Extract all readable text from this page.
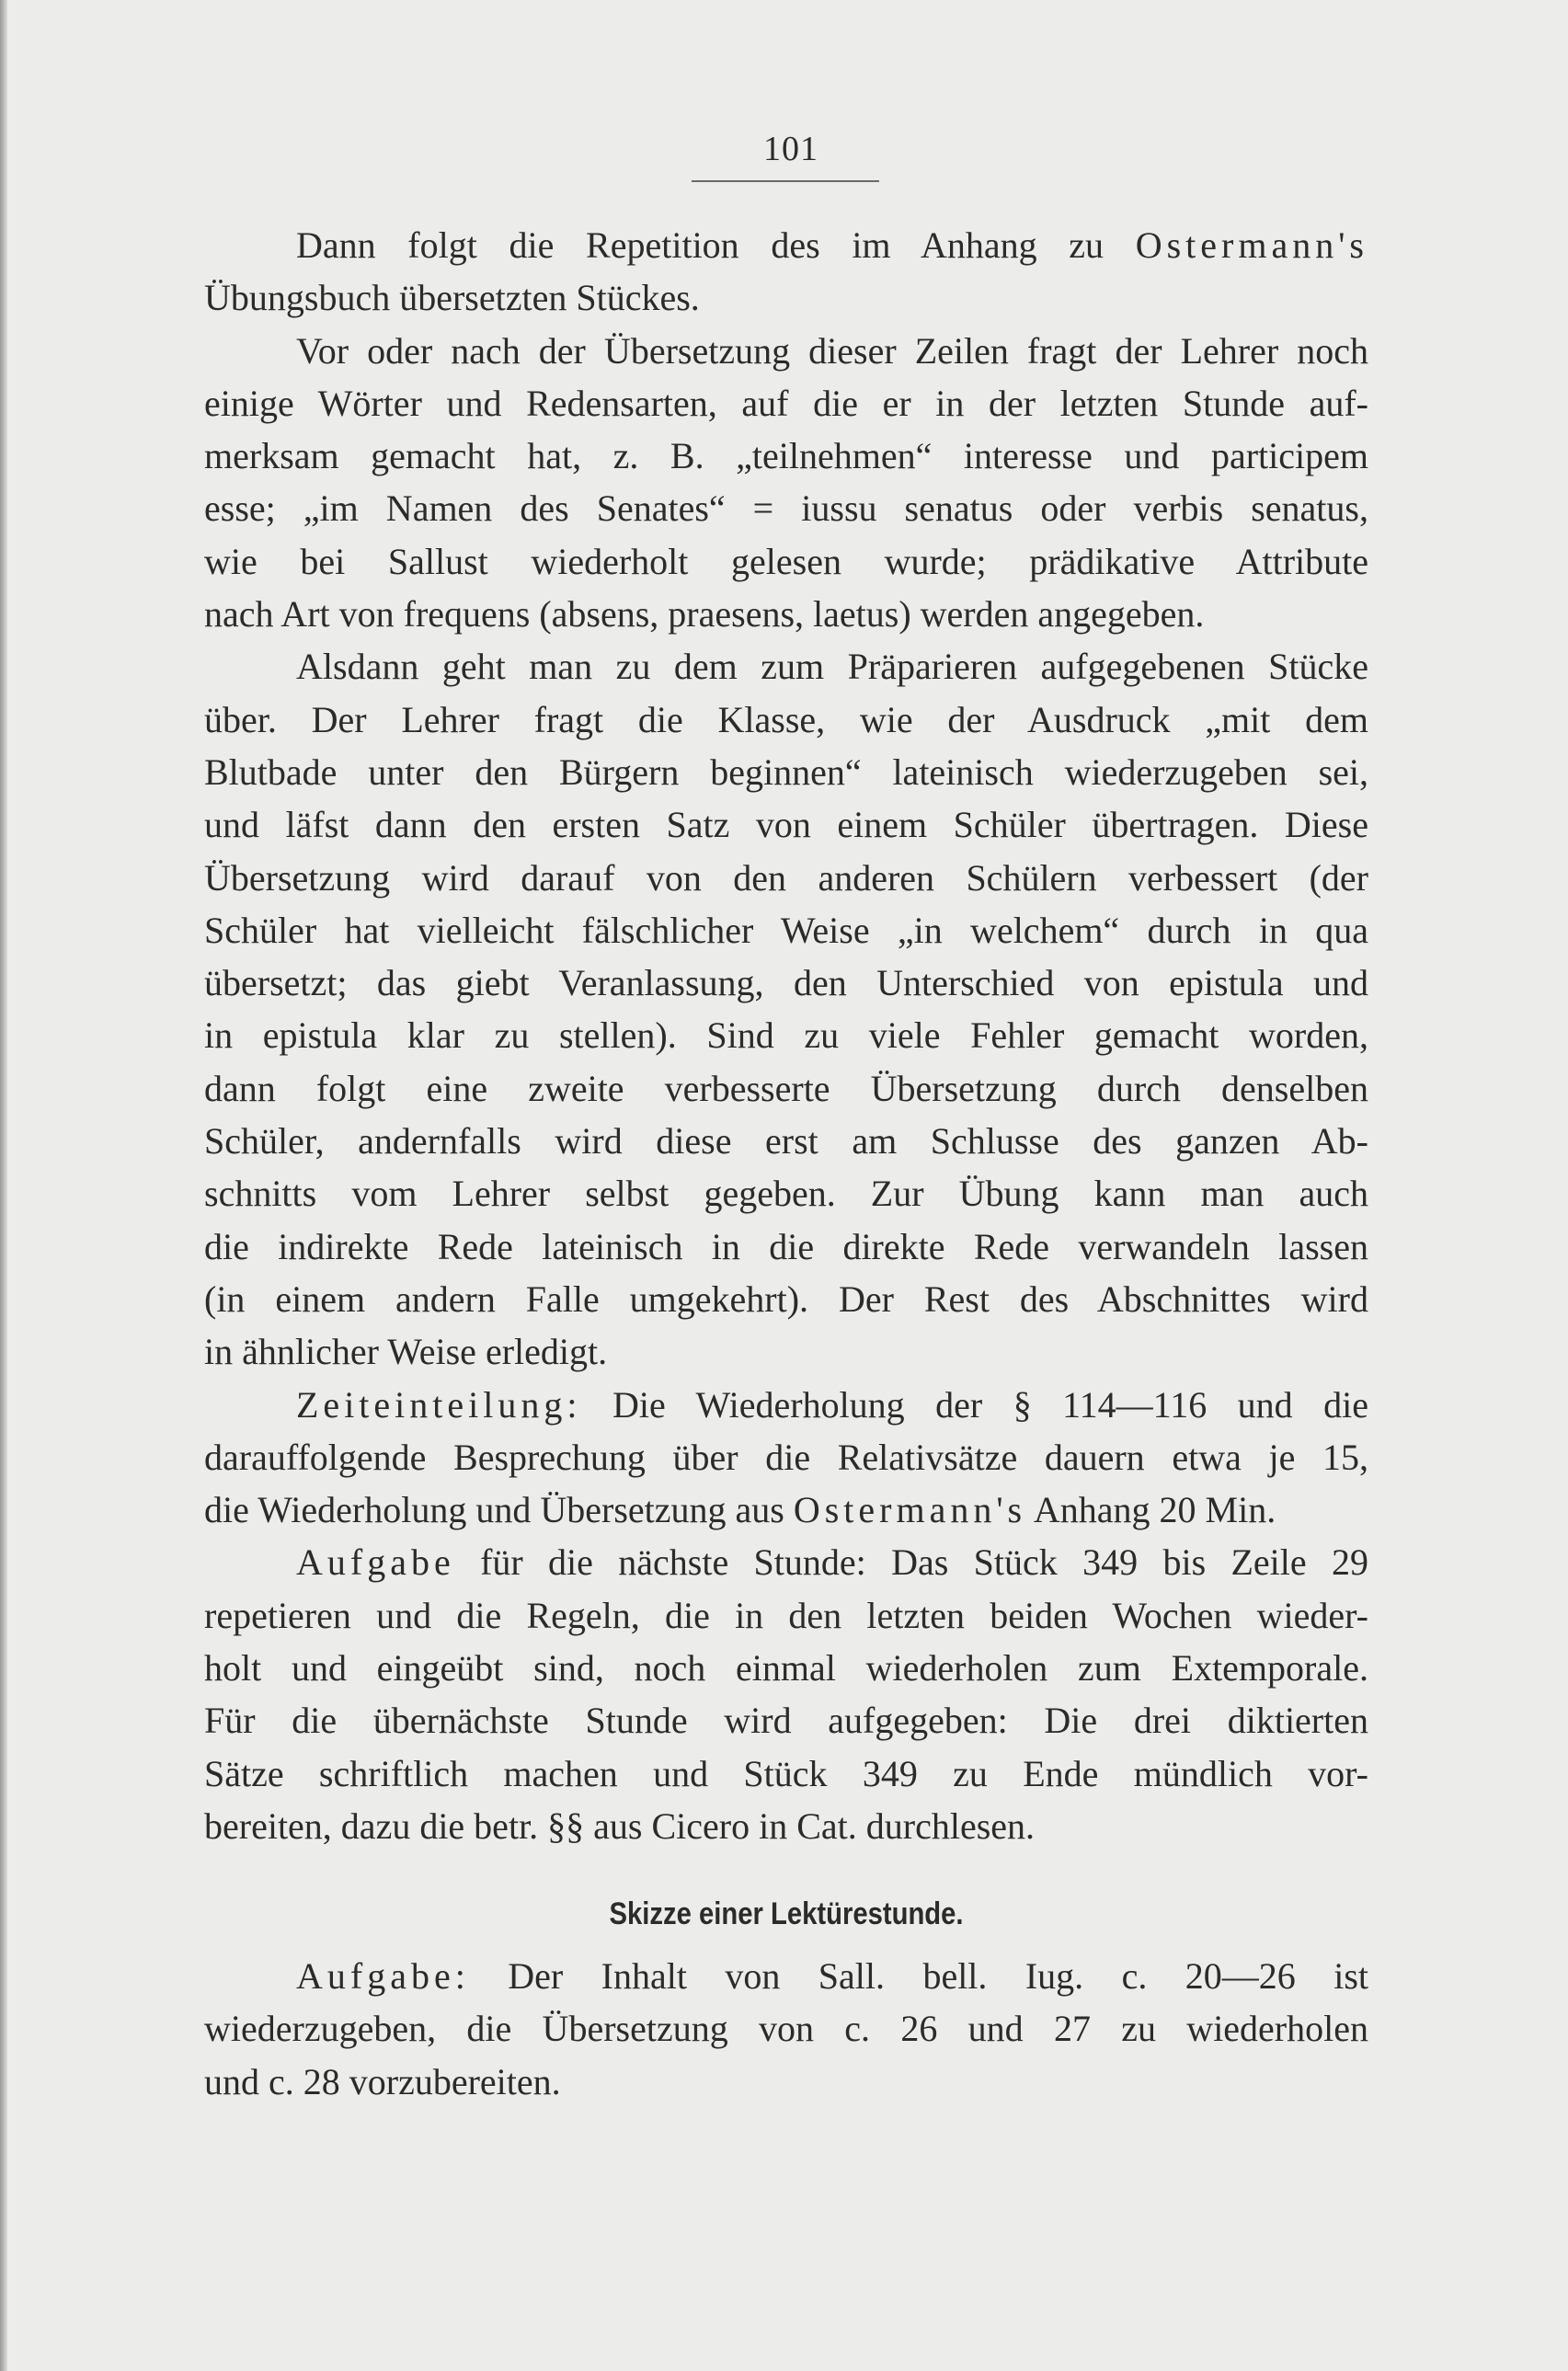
101
Dann folgt die Repetition des im Anhang zu Ostermann's
Übungsbuch übersetzten Stückes.
Vor oder nach der Übersetzung dieser Zeilen fragt der Lehrer noch
einige Wörter und Redensarten, auf die er in der letzten Stunde auf-
merksam gemacht hat, z. B. „teilnehmen“ interesse und participem
esse; „im Namen des Senates“ = iussu senatus oder verbis senatus,
wie bei Sallust wiederholt gelesen wurde; prädikative Attribute
nach Art von frequens (absens, praesens, laetus) werden angegeben.
Alsdann geht man zu dem zum Präparieren aufgegebenen Stücke
über. Der Lehrer fragt die Klasse, wie der Ausdruck „mit dem
Blutbade unter den Bürgern beginnen“ lateinisch wiederzugeben sei,
und läfst dann den ersten Satz von einem Schüler übertragen. Diese
Übersetzung wird darauf von den anderen Schülern verbessert (der
Schüler hat vielleicht fälschlicher Weise „in welchem“ durch in qua
übersetzt; das giebt Veranlassung, den Unterschied von epistula und
in epistula klar zu stellen). Sind zu viele Fehler gemacht worden,
dann folgt eine zweite verbesserte Übersetzung durch denselben
Schüler, andernfalls wird diese erst am Schlusse des ganzen Ab-
schnitts vom Lehrer selbst gegeben. Zur Übung kann man auch
die indirekte Rede lateinisch in die direkte Rede verwandeln lassen
(in einem andern Falle umgekehrt). Der Rest des Abschnittes wird
in ähnlicher Weise erledigt.
Zeiteinteilung: Die Wiederholung der § 114—116 und die
darauffolgende Besprechung über die Relativsätze dauern etwa je 15,
die Wiederholung und Übersetzung aus Ostermann's Anhang 20 Min.
Aufgabe für die nächste Stunde: Das Stück 349 bis Zeile 29
repetieren und die Regeln, die in den letzten beiden Wochen wieder-
holt und eingeübt sind, noch einmal wiederholen zum Extemporale.
Für die übernächste Stunde wird aufgegeben: Die drei diktierten
Sätze schriftlich machen und Stück 349 zu Ende mündlich vor-
bereiten, dazu die betr. §§ aus Cicero in Cat. durchlesen.
Skizze einer Lektürestunde.
Aufgabe: Der Inhalt von Sall. bell. Iug. c. 20—26 ist
wiederzugeben, die Übersetzung von c. 26 und 27 zu wiederholen
und c. 28 vorzubereiten.
